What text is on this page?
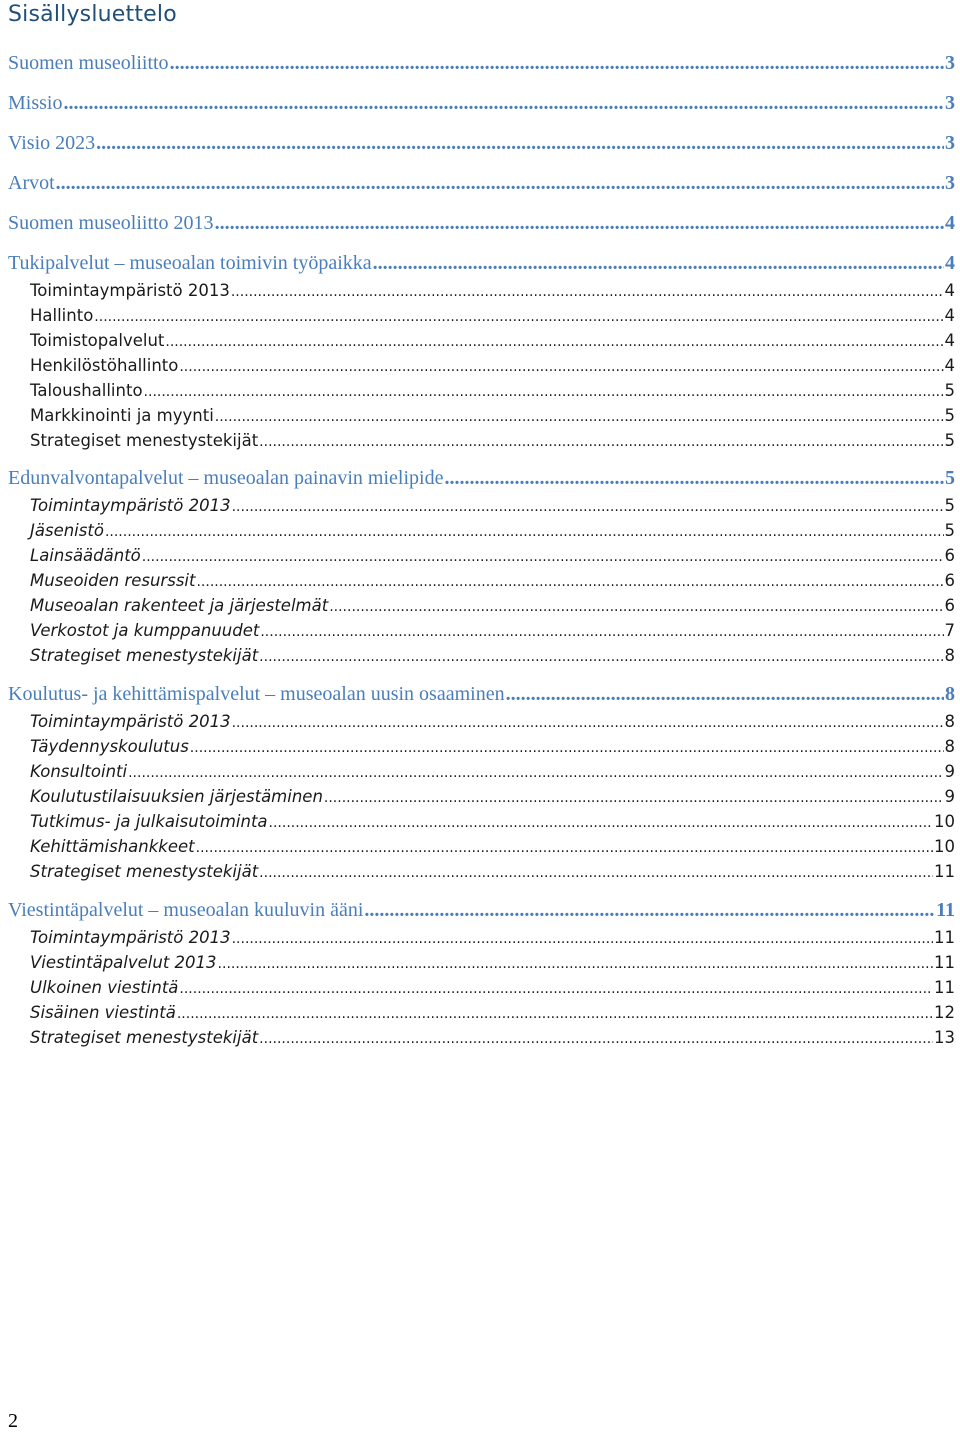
Sisällysluettelo
Suomen museoliitto .....	3
Missio .....	3
Visio 2023 .....	3
Arvot .....	3
Suomen museoliitto 2013 .....	4
Tukipalvelut – museoalan toimivin työpaikka .....	4
Toimintaympäristö 2013 .....	4
Hallinto .....	4
Toimistopalvelut .....	4
Henkilöstöhallinto .....	4
Taloushallinto .....	5
Markkinointi ja myynti .....	5
Strategiset menestystekijät .....	5
Edunvalvontapalvelut – museoalan painavin mielipide .....	5
Toimintaympäristö 2013 .....	5
Jäsenistö .....	5
Lainsäädäntö .....	6
Museoiden resurssit .....	6
Museoalan rakenteet ja järjestelmät .....	6
Verkostot ja kumppanuudet .....	7
Strategiset menestystekijät .....	8
Koulutus- ja kehittämispalvelut – museoalan uusin osaaminen .....	8
Toimintaympäristö 2013 .....	8
Täydennyskoulutus .....	8
Konsultointi .....	9
Koulutustilaisuuksien järjestäminen .....	9
Tutkimus- ja julkaisutoiminta .....	10
Kehittämishankkeet .....	10
Strategiset menestystekijät .....	11
Viestintäpalvelut – museoalan kuuluvin ääni .....	11
Toimintaympäristö 2013 .....	11
Viestintäpalvelut 2013 .....	11
Ulkoinen viestintä .....	11
Sisäinen viestintä .....	12
Strategiset menestystekijät .....	13
2
